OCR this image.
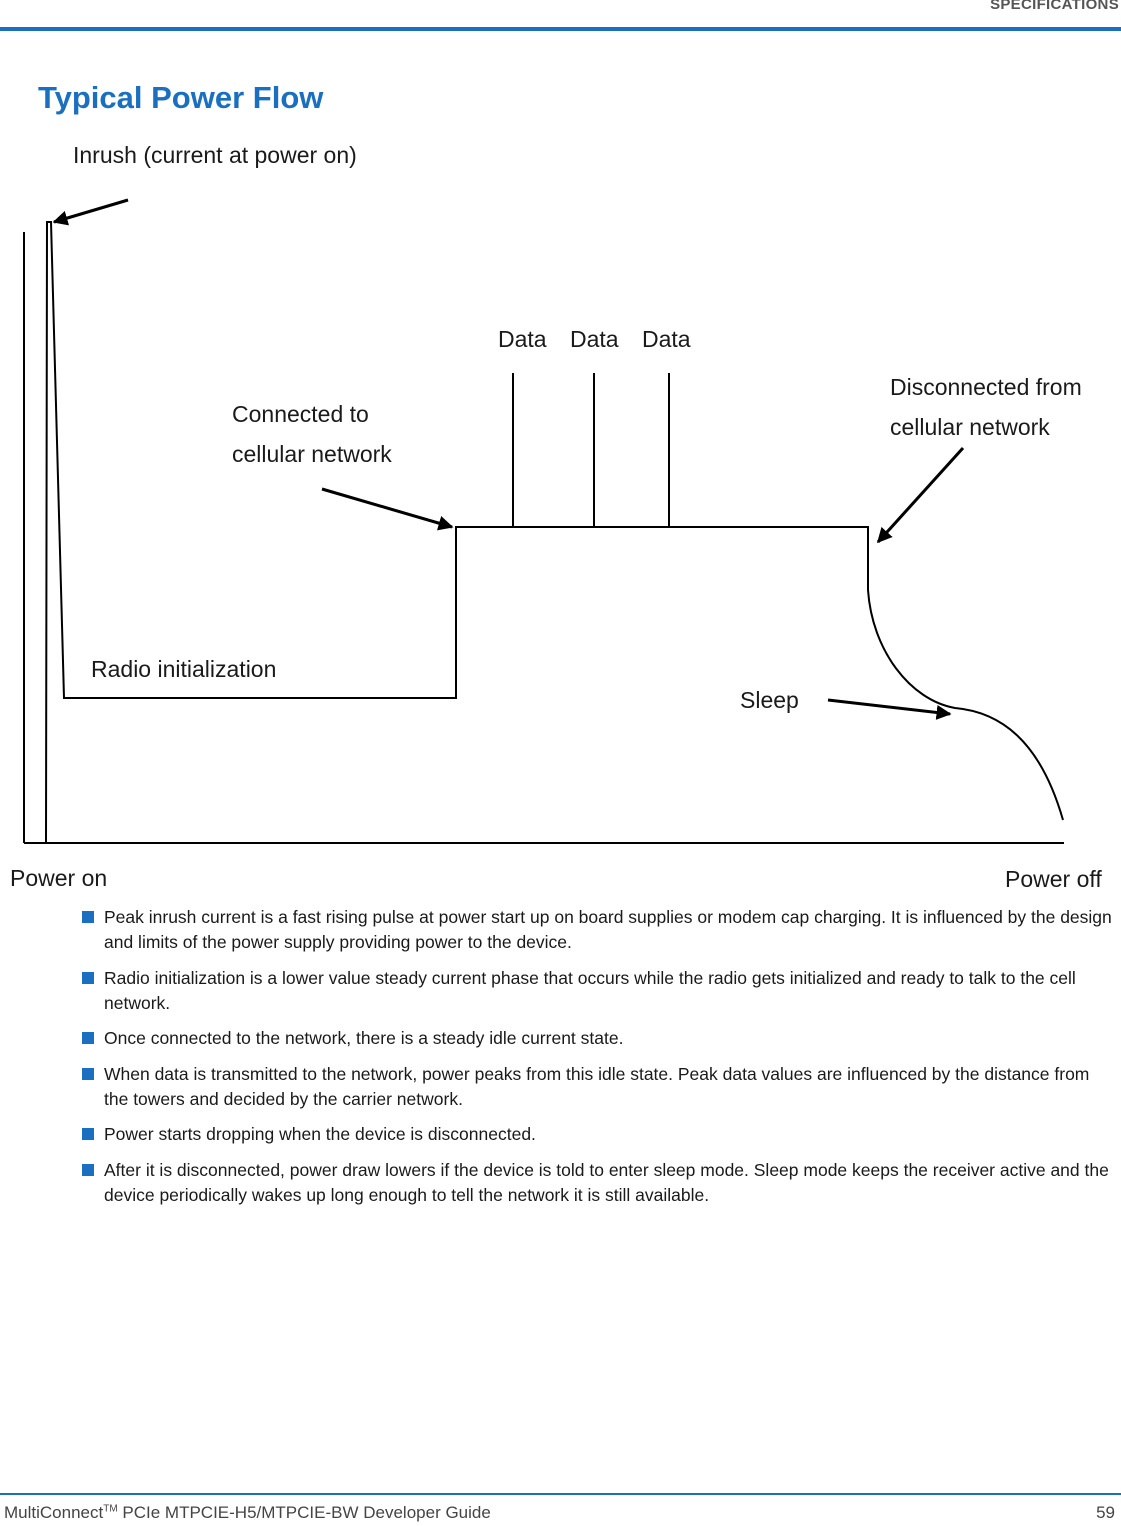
SPECIFICATIONS
Typical Power Flow
Inrush (current at power on)
Data Data Data
Connected to
cellular network
Disconnected from
cellular network
Radio initialization
Sleep
Power on	Power off
Peak inrush current is a fast rising pulse at power start up on board supplies or modem cap charging. It is influenced by the design and limits of the power supply providing power to the device.
Radio initialization is a lower value steady current phase that occurs while the radio gets initialized and ready to talk to the cell network.
Once connected to the network, there is a steady idle current state.
When data is transmitted to the network, power peaks from this idle state. Peak data values are influenced by the distance from the towers and decided by the carrier network.
Power starts dropping when the device is disconnected.
After it is disconnected, power draw lowers if the device is told to enter sleep mode. Sleep mode keeps the receiver active and the device periodically wakes up long enough to tell the network it is still available.
MultiConnect™ PCIe MTPCIE-H5/MTPCIE-BW Developer Guide	59
